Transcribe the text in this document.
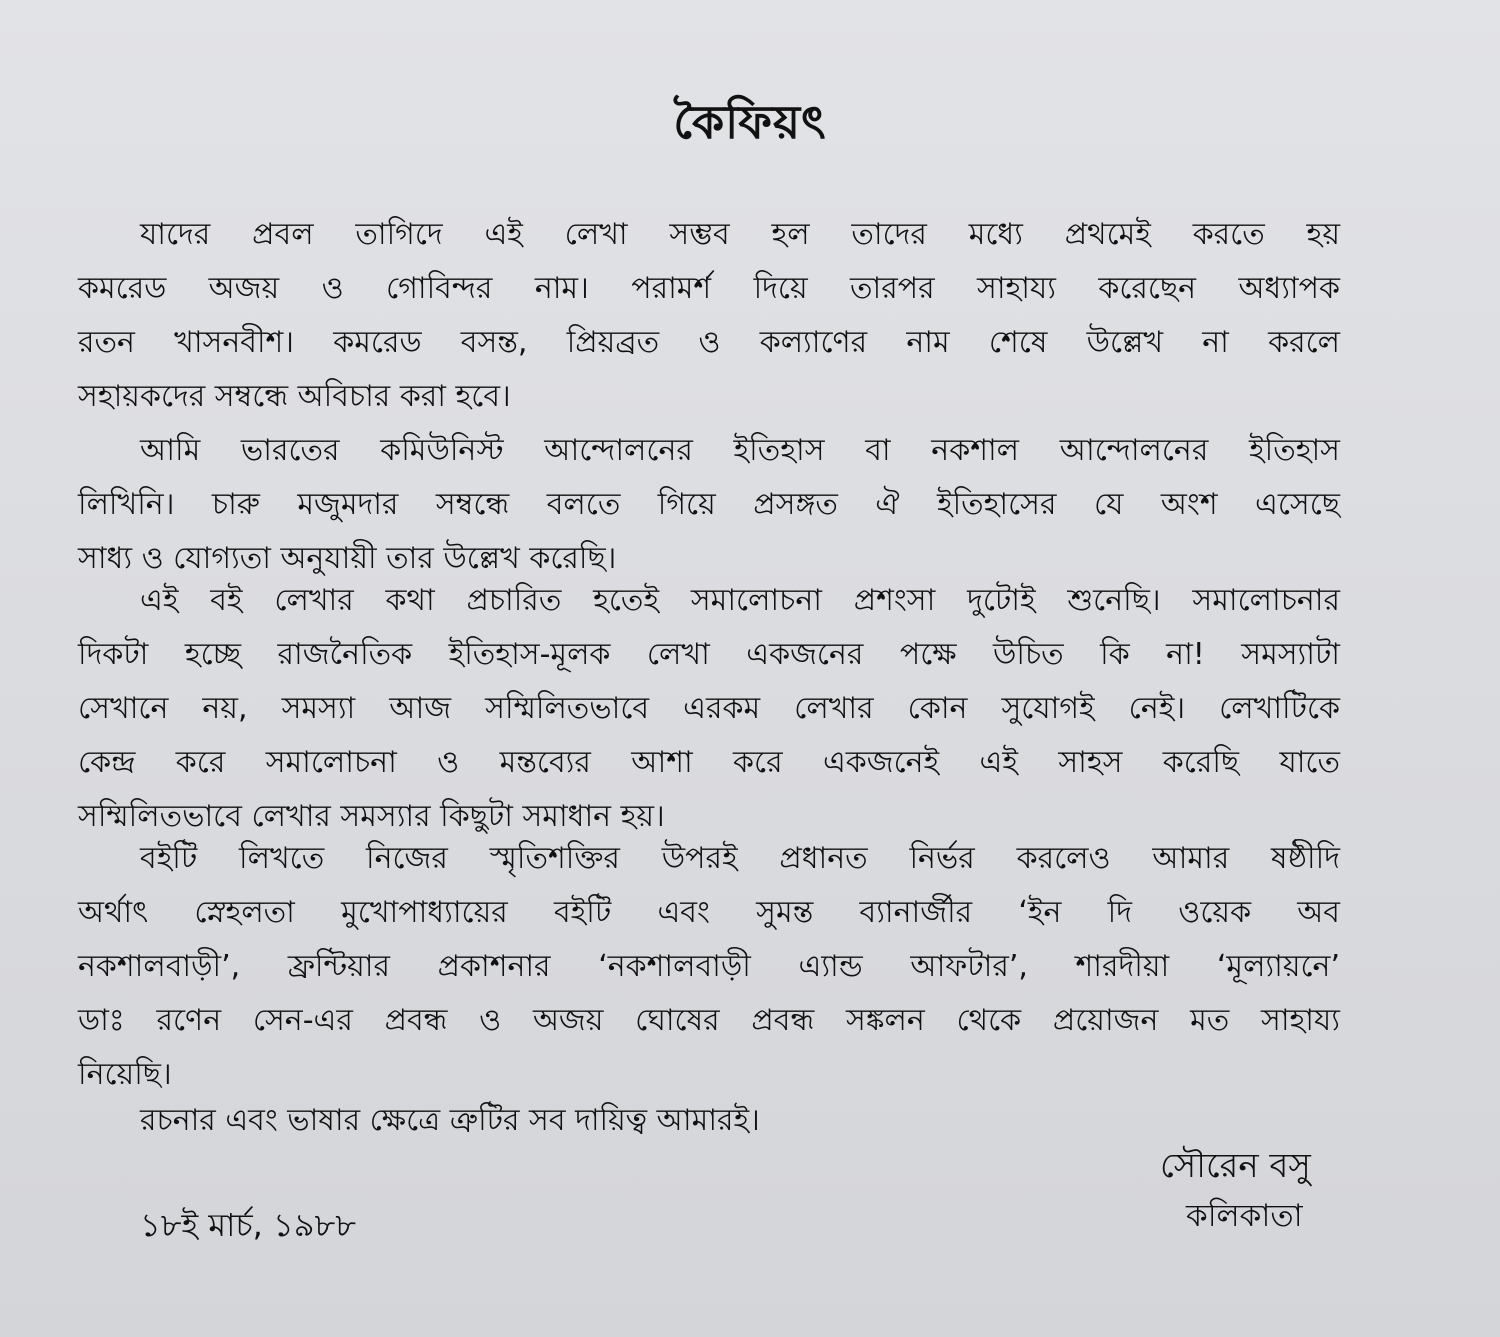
কৈফিয়ৎ

যাদের প্রবল তাগিদে এই লেখা সম্ভব হল তাদের মধ্যে প্রথমেই করতে হয়
কমরেড অজয় ও গোবিন্দর নাম। পরামর্শ দিয়ে তারপর সাহায্য করেছেন অধ্যাপক
রতন খাসনবীশ। কমরেড বসন্ত, প্রিয়ব্রত ও কল্যাণের নাম শেষে উল্লেখ না করলে
সহায়কদের সম্বন্ধে অবিচার করা হবে।

আমি ভারতের কমিউনিস্ট আন্দোলনের ইতিহাস বা নকশাল আন্দোলনের ইতিহাস
লিখিনি। চারু মজুমদার সম্বন্ধে বলতে গিয়ে প্রসঙ্গত ঐ ইতিহাসের যে অংশ এসেছে
সাধ্য ও যোগ্যতা অনুযায়ী তার উল্লেখ করেছি।

এই বই লেখার কথা প্রচারিত হতেই সমালোচনা প্রশংসা দুটোই শুনেছি। সমালোচনার
দিকটা হচ্ছে রাজনৈতিক ইতিহাস-মূলক লেখা একজনের পক্ষে উচিত কি না! সমস্যাটা
সেখানে নয়, সমস্যা আজ সম্মিলিতভাবে এরকম লেখার কোন সুযোগই নেই। লেখাটিকে
কেন্দ্র করে সমালোচনা ও মন্তব্যের আশা করে একজনেই এই সাহস করেছি যাতে
সম্মিলিতভাবে লেখার সমস্যার কিছুটা সমাধান হয়।

বইটি লিখতে নিজের স্মৃতিশক্তির উপরই প্রধানত নির্ভর করলেও আমার ষষ্ঠীদি
অর্থাৎ স্নেহলতা মুখোপাধ্যায়ের বইটি এবং সুমন্ত ব্যানার্জীর ‘ইন দি ওয়েক অব
নকশালবাড়ী’, ফ্রন্টিয়ার প্রকাশনার ‘নকশালবাড়ী এ্যান্ড আফটার’, শারদীয়া ‘মূল্যায়নে’
ডাঃ রণেন সেন-এর প্রবন্ধ ও অজয় ঘোষের প্রবন্ধ সঙ্কলন থেকে প্রয়োজন মত সাহায্য
নিয়েছি।

রচনার এবং ভাষার ক্ষেত্রে ত্রুটির সব দায়িত্ব আমারই।

সৌরেন বসু
কলিকাতা
১৮ই মার্চ, ১৯৮৮
